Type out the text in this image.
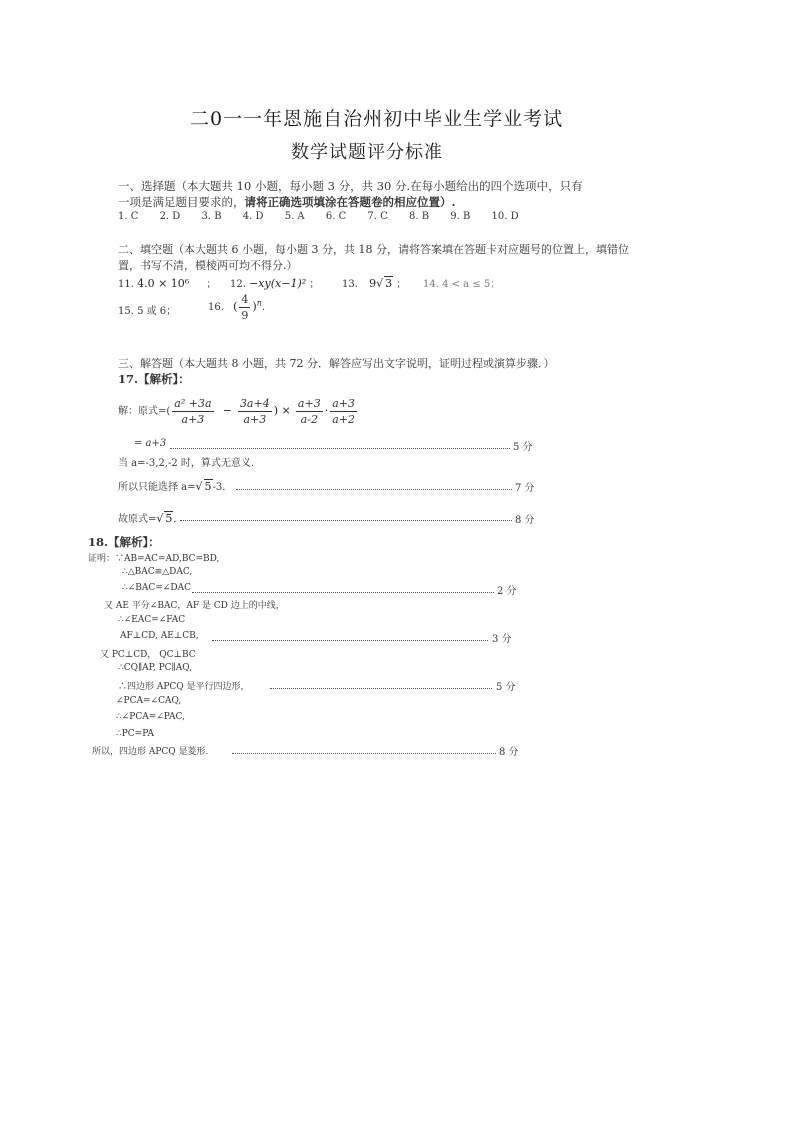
二0一一年恩施自治州初中毕业生学业考试
数学试题评分标准
一、选择题（本大题共 10 小题，每小题 3 分，共 30 分.在每小题给出的四个选项中，只有
一项是满足题目要求的，请将正确选项填涂在答题卷的相应位置）.
1. C 2. D 3. B 4. D 5. A 6. C 7. C 8. B 9. B 10. D
二、填空题（本大题共 6 小题，每小题 3 分，共 18 分，请将答案填在答题卡对应题号的位置上，填错位
置，书写不清，模棱两可均不得分.）
11. 4.0 × 10⁶ ； 12. −xy(x−1)² ； 13. 9√ 3 ； 14. 4 < a ≤ 5；
15. 5 或 6；	16. ( $\frac{4}{9} )^n$.
三、解答题（本大题共 8 小题，共 72 分．解答应写出文字说明，证明过程或演算步骤．）
17.【解析】：
解：原式=( $\frac{\text{a² +3a}}{a+3} - \frac{3a+4}{a+3}$ ) × $\frac{a+3}{a-2} \cdot \frac{a+3}{a+2}$
= a+3	5 分
当 a=-3,2,-2 时，算式无意义．
所以只能选择 a=√ 5-3．	7 分
故原式=√ 5．	8 分
18.【解析】：
证明：∵AB=AC=AD,BC=BD,
∴△BAC≌△DAC,
∴∠BAC=∠DAC	2 分
又 AE 平分∠BAC，AF 是 CD 边上的中线，
∴∠EAC=∠FAC
AF⊥CD, AE⊥CB,	3 分
又 PC⊥CD， QC⊥BC
∴CQ∥AP, PC∥AQ,
∴四边形 APCQ 是平行四边形，	5 分
∠PCA=∠CAQ,
∴∠PCA=∠PAC,
∴PC=PA
所以，四边形 APCQ 是菱形．	8 分
